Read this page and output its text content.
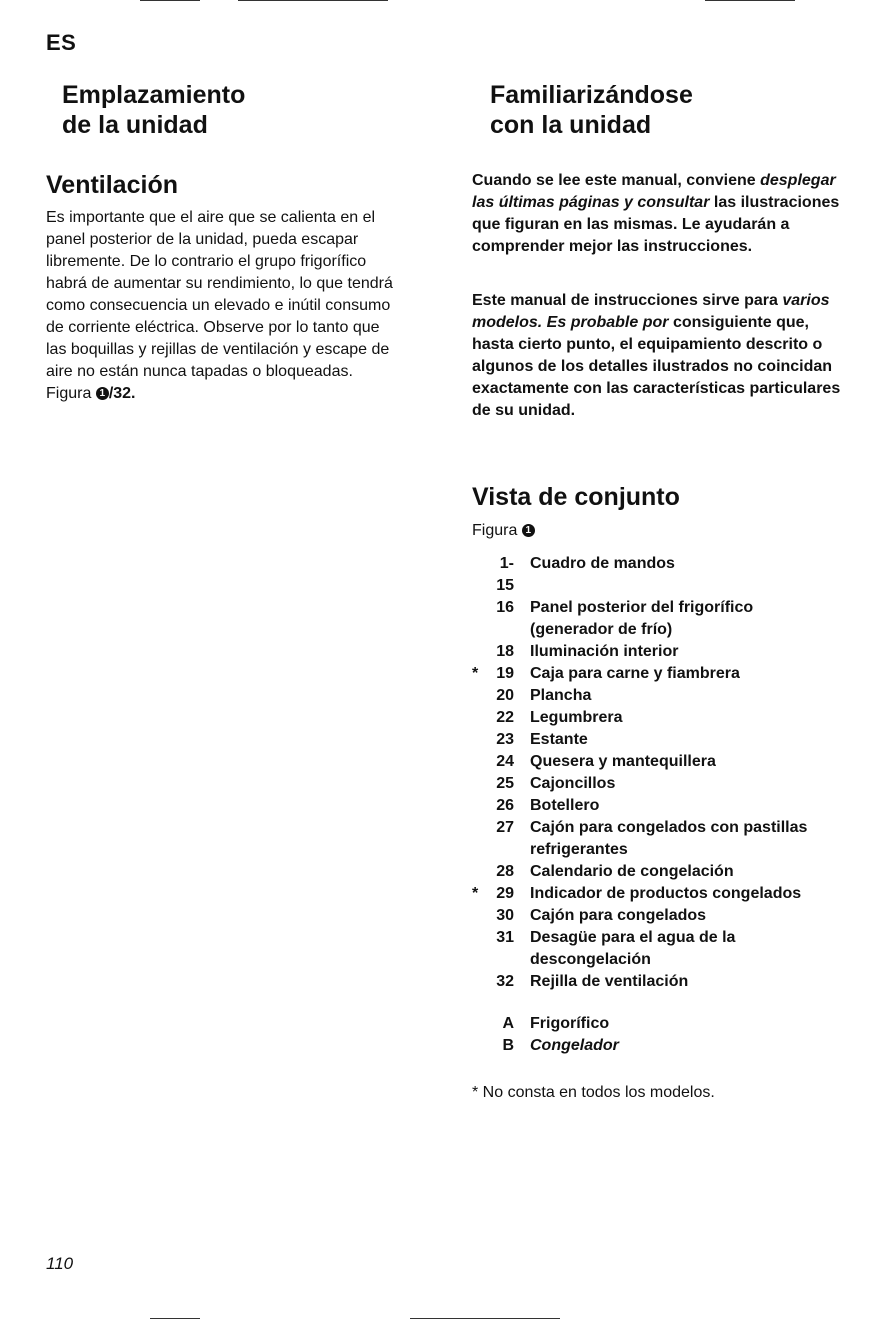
ES
Emplazamiento
de la unidad
Ventilación
Es importante que el aire que se calienta en el panel posterior de la unidad, pueda escapar libremente. De lo contrario el grupo frigorífico habrá de aumentar su rendimiento, lo que tendrá como consecuencia un elevado e inútil consumo de corriente eléctrica. Observe por lo tanto que las boquillas y rejillas de ventilación y escape de aire no están nunca tapadas o bloqueadas. Figura 1 /32.
Familiarizándose
con la unidad

Cuando se lee este manual, conviene desplegar las últimas páginas y consultar las ilustraciones que figuran en las mismas. Le ayudarán a comprender mejor las instrucciones.

Este manual de instrucciones sirve para varios modelos. Es probable por consiguiente que, hasta cierto punto, el equipamiento descrito o algunos de los detalles ilustrados no coincidan exactamente con las características particulares de su unidad.

Vista de conjunto
Figura 1
1-15
Cuadro de mandos
16 Panel posterior del frigorífico
(generador de frío)
18 Iluminación interior
*	19 Caja para carne y fiambrera
20 Plancha
22 Legumbrera
23 Estante
24 Quesera y mantequillera
25 Cajoncillos
26 Botellero
27 Cajón para congelados con pastillas
refrigerantes
28 Calendario de congelación
*	29 Indicador de productos congelados
30 Cajón para congelados
31 Desagüe para el agua de la
descongelación
32 Rejilla de ventilación
A Frigorífico
B Congelador
* No consta en todos los modelos.
110
